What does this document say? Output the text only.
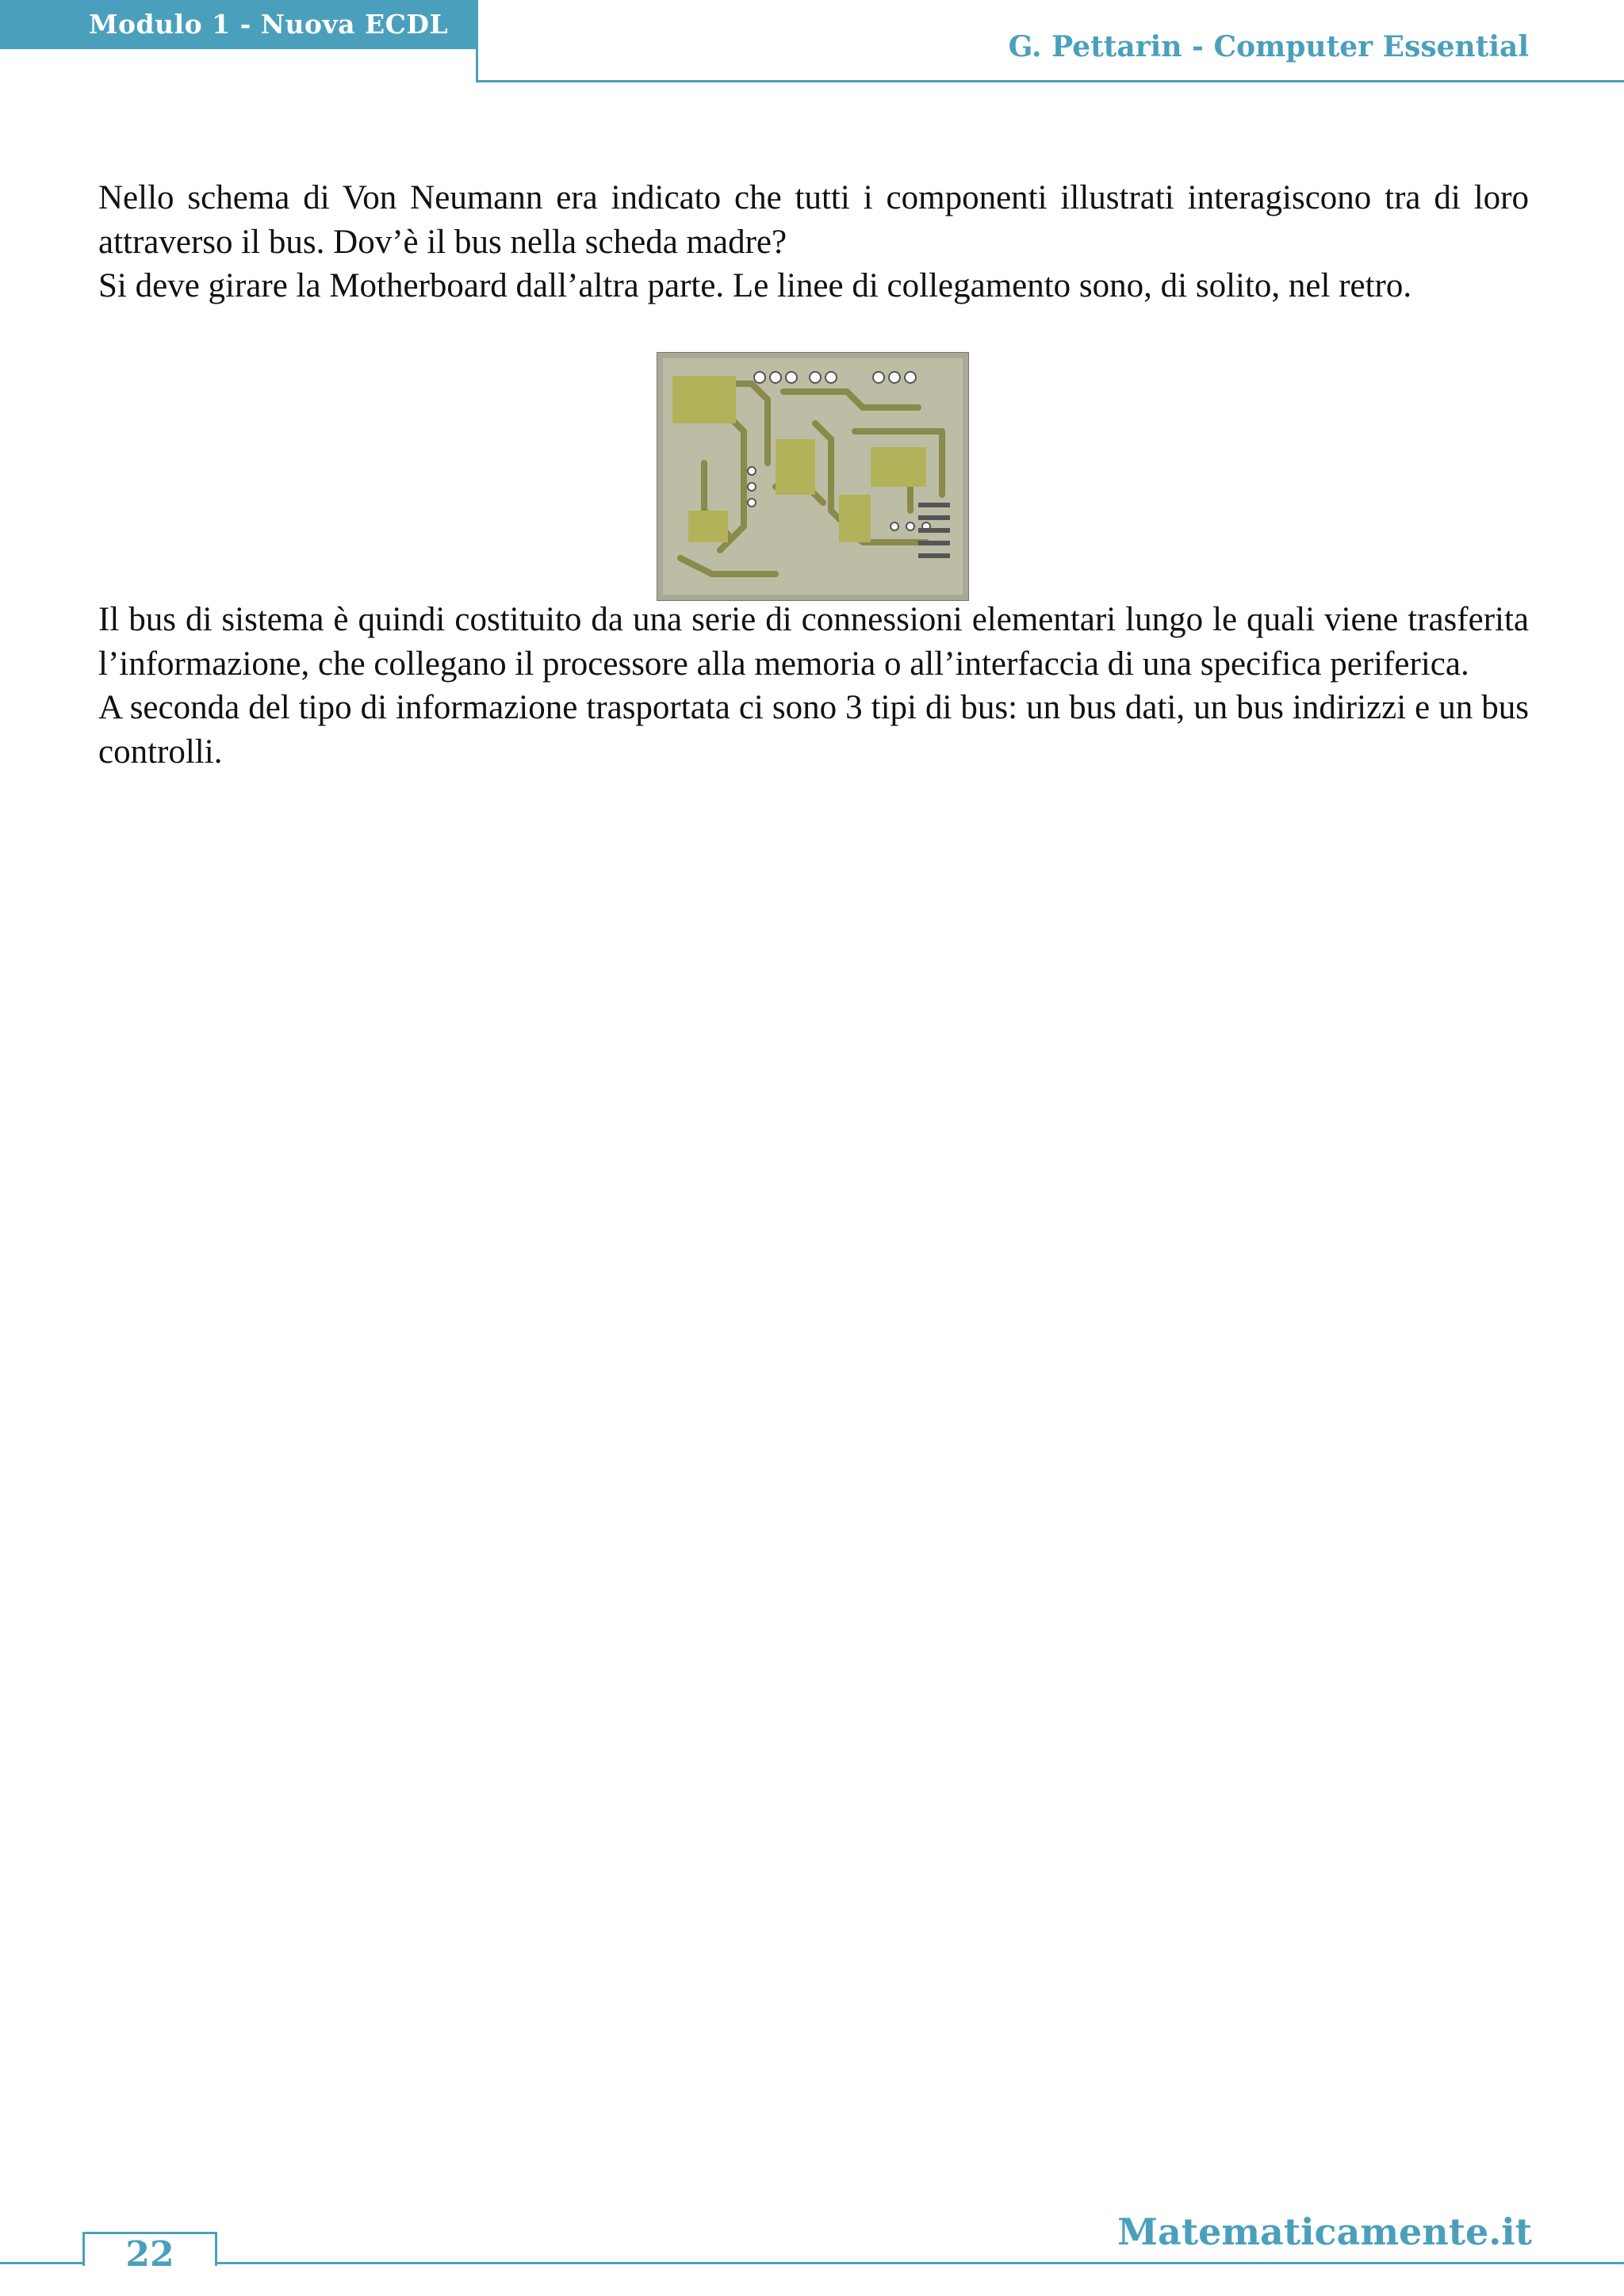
Modulo 1 - Nuova ECDL
G. Pettarin - Computer Essential

Nello schema di Von Neumann era indicato che tutti i componenti illustrati interagiscono tra di loro attraverso il bus. Dov’è il bus nella scheda madre?

Si deve girare la Motherboard dall’altra parte. Le linee di collegamento sono, di solito, nel retro.

Il bus di sistema è quindi costituito da una serie di connessioni elementari lungo le quali viene trasferita l’informazione, che collegano il processore alla memoria o all’interfaccia di una specifica periferica.

A seconda del tipo di informazione trasportata ci sono 3 tipi di bus: un bus dati, un bus indirizzi e un bus controlli.

22
Matematicamente.it
